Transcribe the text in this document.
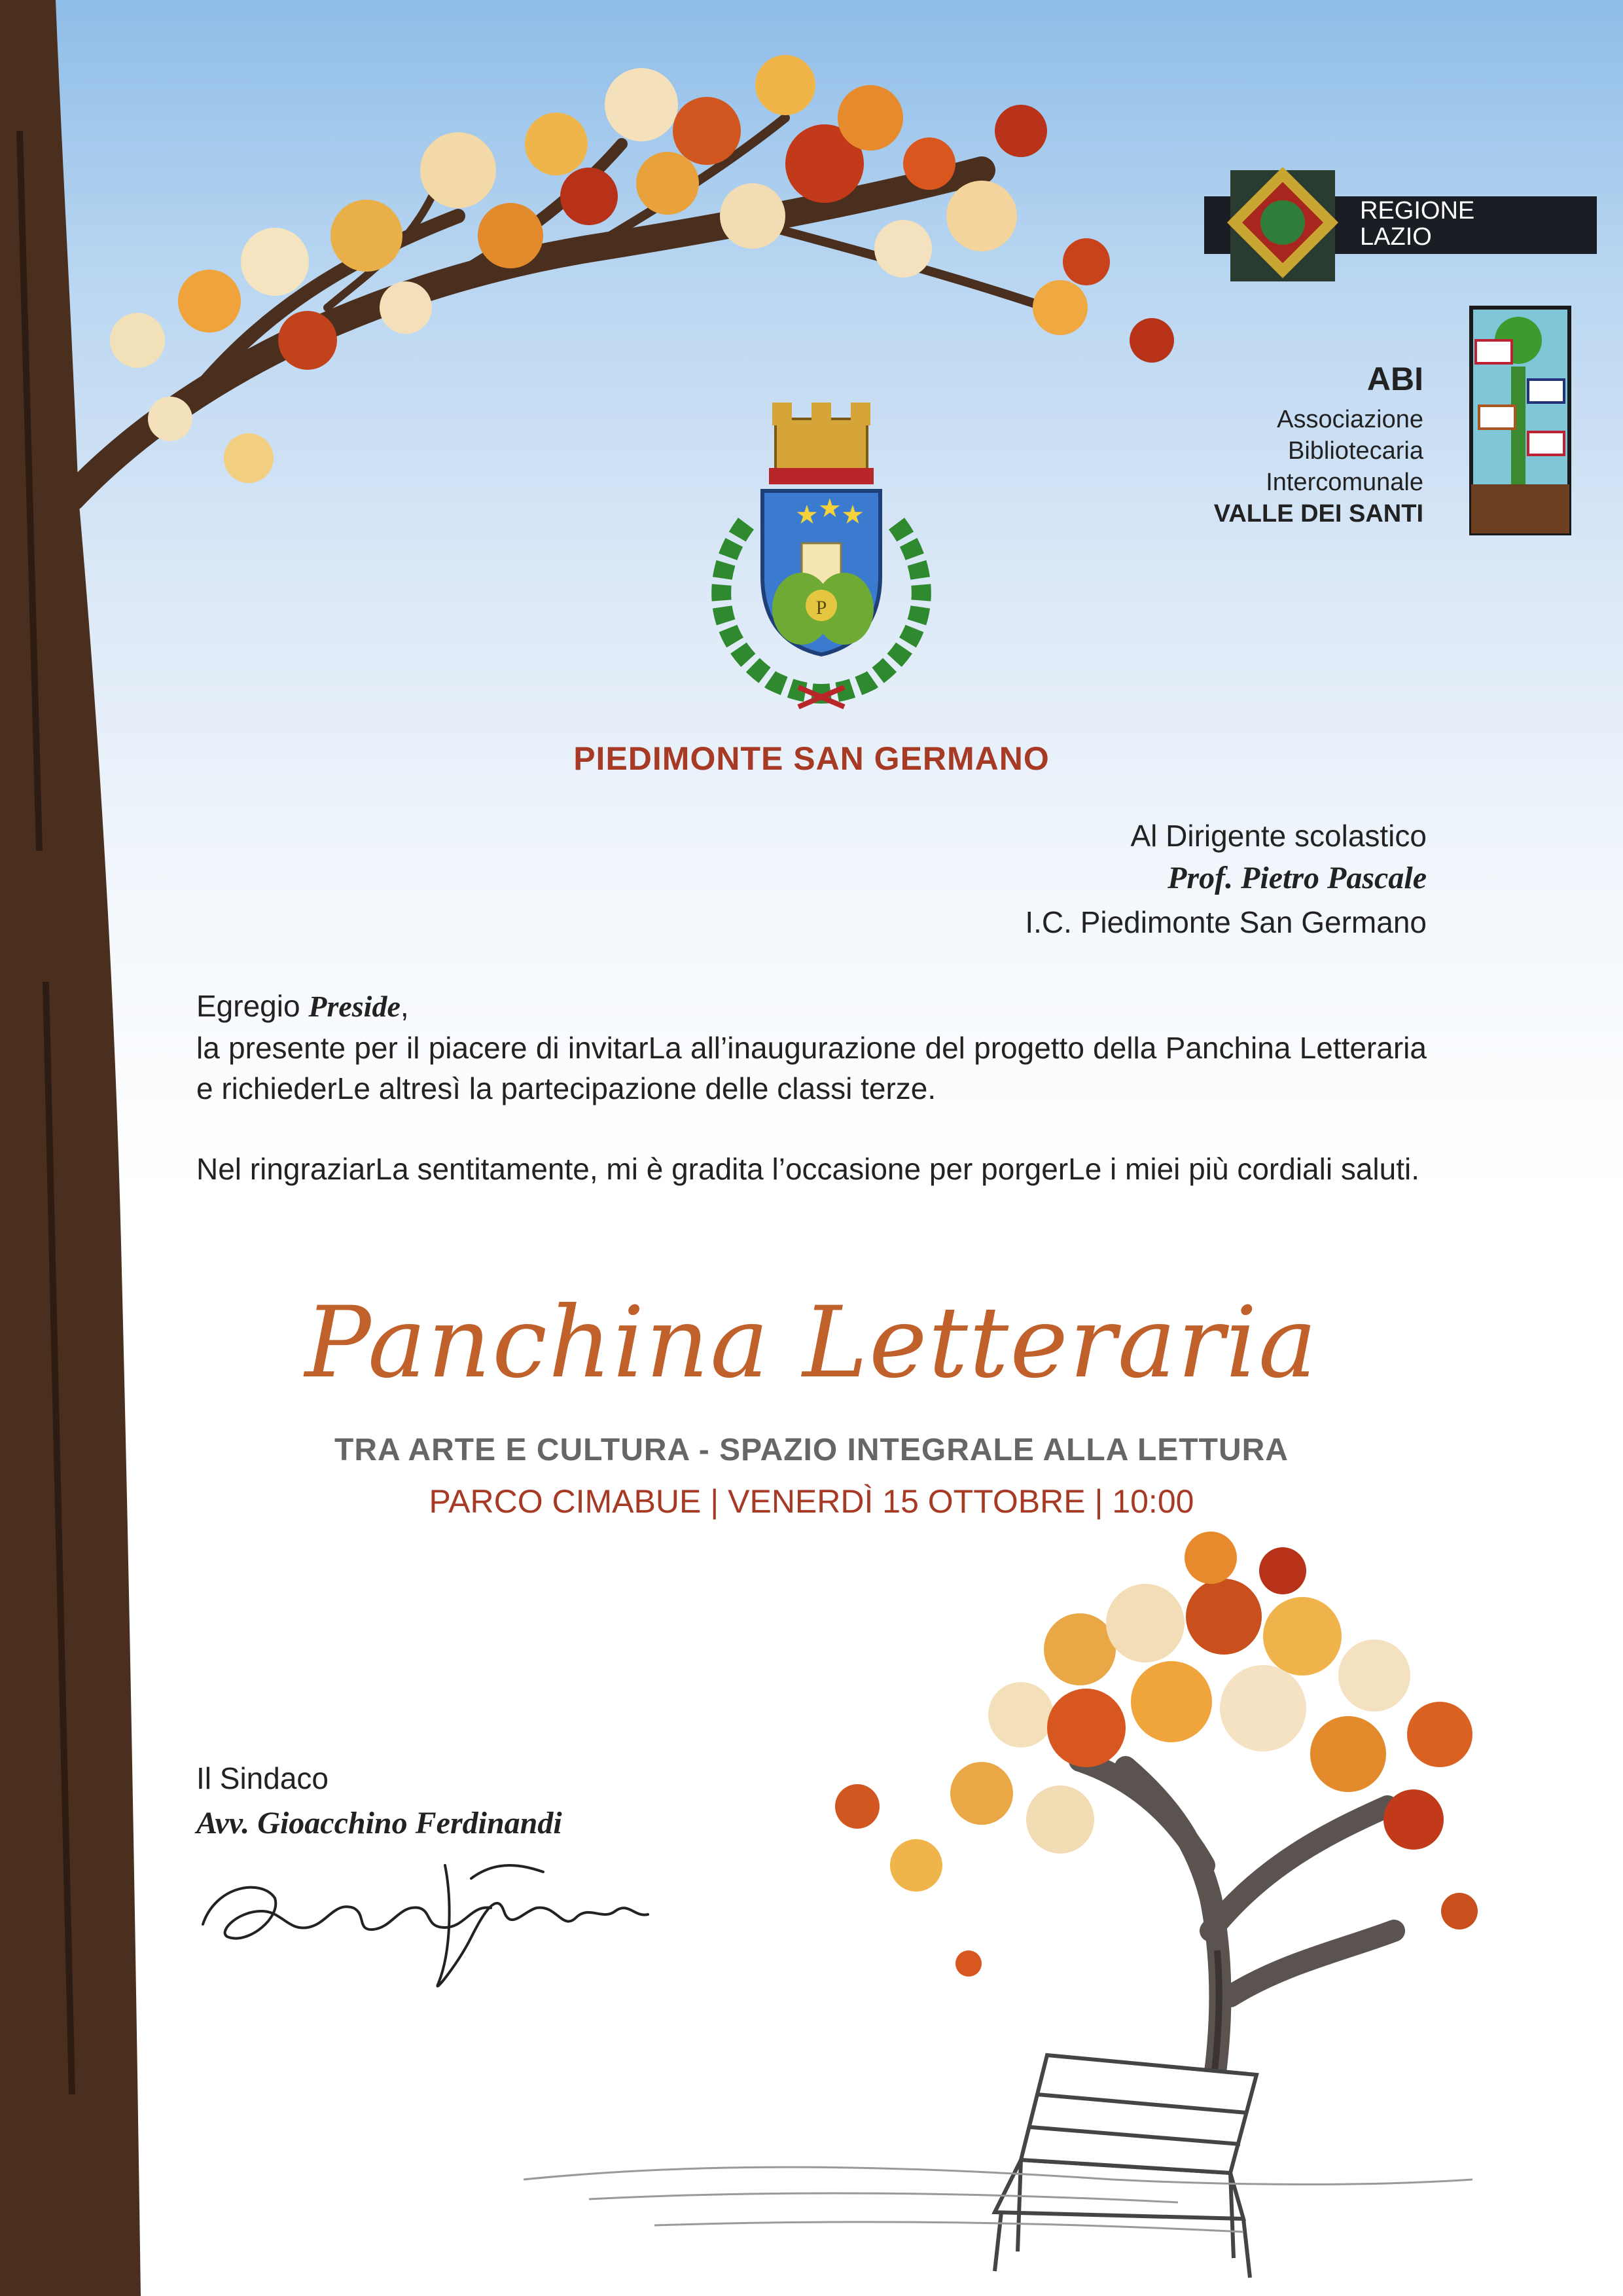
★ ★ ★
P

REGIONE
LAZIO

ABI

Associazione

Bibliotecaria

Intercomunale

VALLE DEI SANTI

PIEDIMONTE SAN GERMANO

Al Dirigente scolastico

Prof. Pietro Pascale

I.C. Piedimonte San Germano

Egregio Preside,

la presente per il piacere di invitarLa all’inaugurazione del progetto della Panchina Letteraria e richiederLe altresì la partecipazione delle classi terze.

Nel ringraziarLa sentitamente, mi è gradita l’occasione per porgerLe i miei più cordiali saluti.

Panchina Letteraria

TRA ARTE E CULTURA - SPAZIO INTEGRALE ALLA LETTURA

PARCO CIMABUE | VENERDÌ 15 OTTOBRE | 10:00

Il Sindaco

Avv. Gioacchino Ferdinandi
